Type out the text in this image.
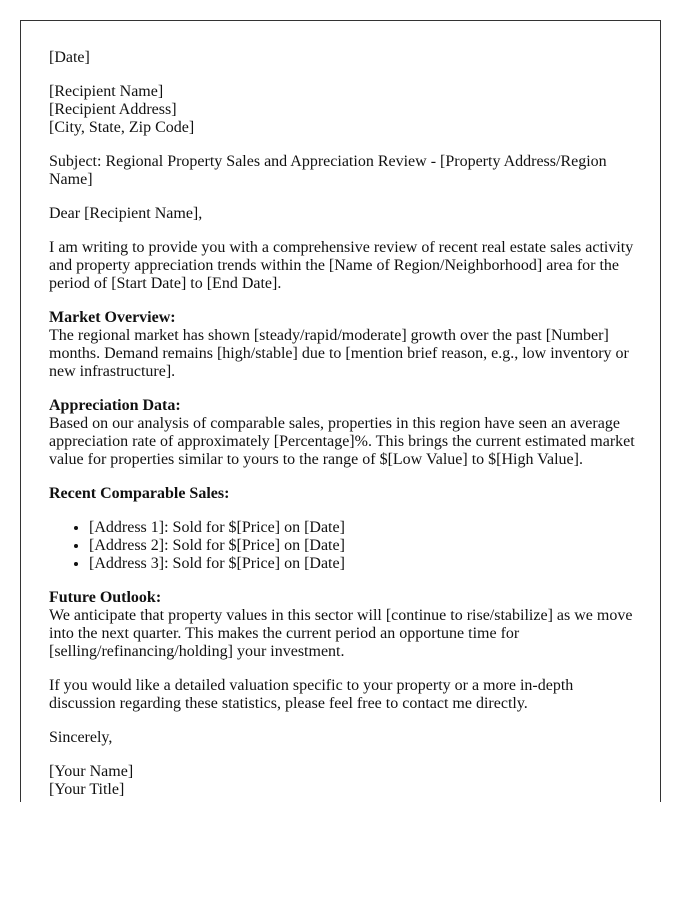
[Date]

[Recipient Name]
[Recipient Address]
[City, State, Zip Code]

Subject: Regional Property Sales and Appreciation Review - [Property Address/Region Name]

Dear [Recipient Name],

I am writing to provide you with a comprehensive review of recent real estate sales activity and property appreciation trends within the [Name of Region/Neighborhood] area for the period of [Start Date] to [End Date].

Market Overview:
The regional market has shown [steady/rapid/moderate] growth over the past [Number] months. Demand remains [high/stable] due to [mention brief reason, e.g., low inventory or new infrastructure].

Appreciation Data:
Based on our analysis of comparable sales, properties in this region have seen an average appreciation rate of approximately [Percentage]%. This brings the current estimated market value for properties similar to yours to the range of $[Low Value] to $[High Value].

Recent Comparable Sales:

• [Address 1]: Sold for $[Price] on [Date]
• [Address 2]: Sold for $[Price] on [Date]
• [Address 3]: Sold for $[Price] on [Date]

Future Outlook:
We anticipate that property values in this sector will [continue to rise/stabilize] as we move into the next quarter. This makes the current period an opportune time for [selling/refinancing/holding] your investment.

If you would like a detailed valuation specific to your property or a more in-depth discussion regarding these statistics, please feel free to contact me directly.

Sincerely,

[Your Name]
[Your Title]
